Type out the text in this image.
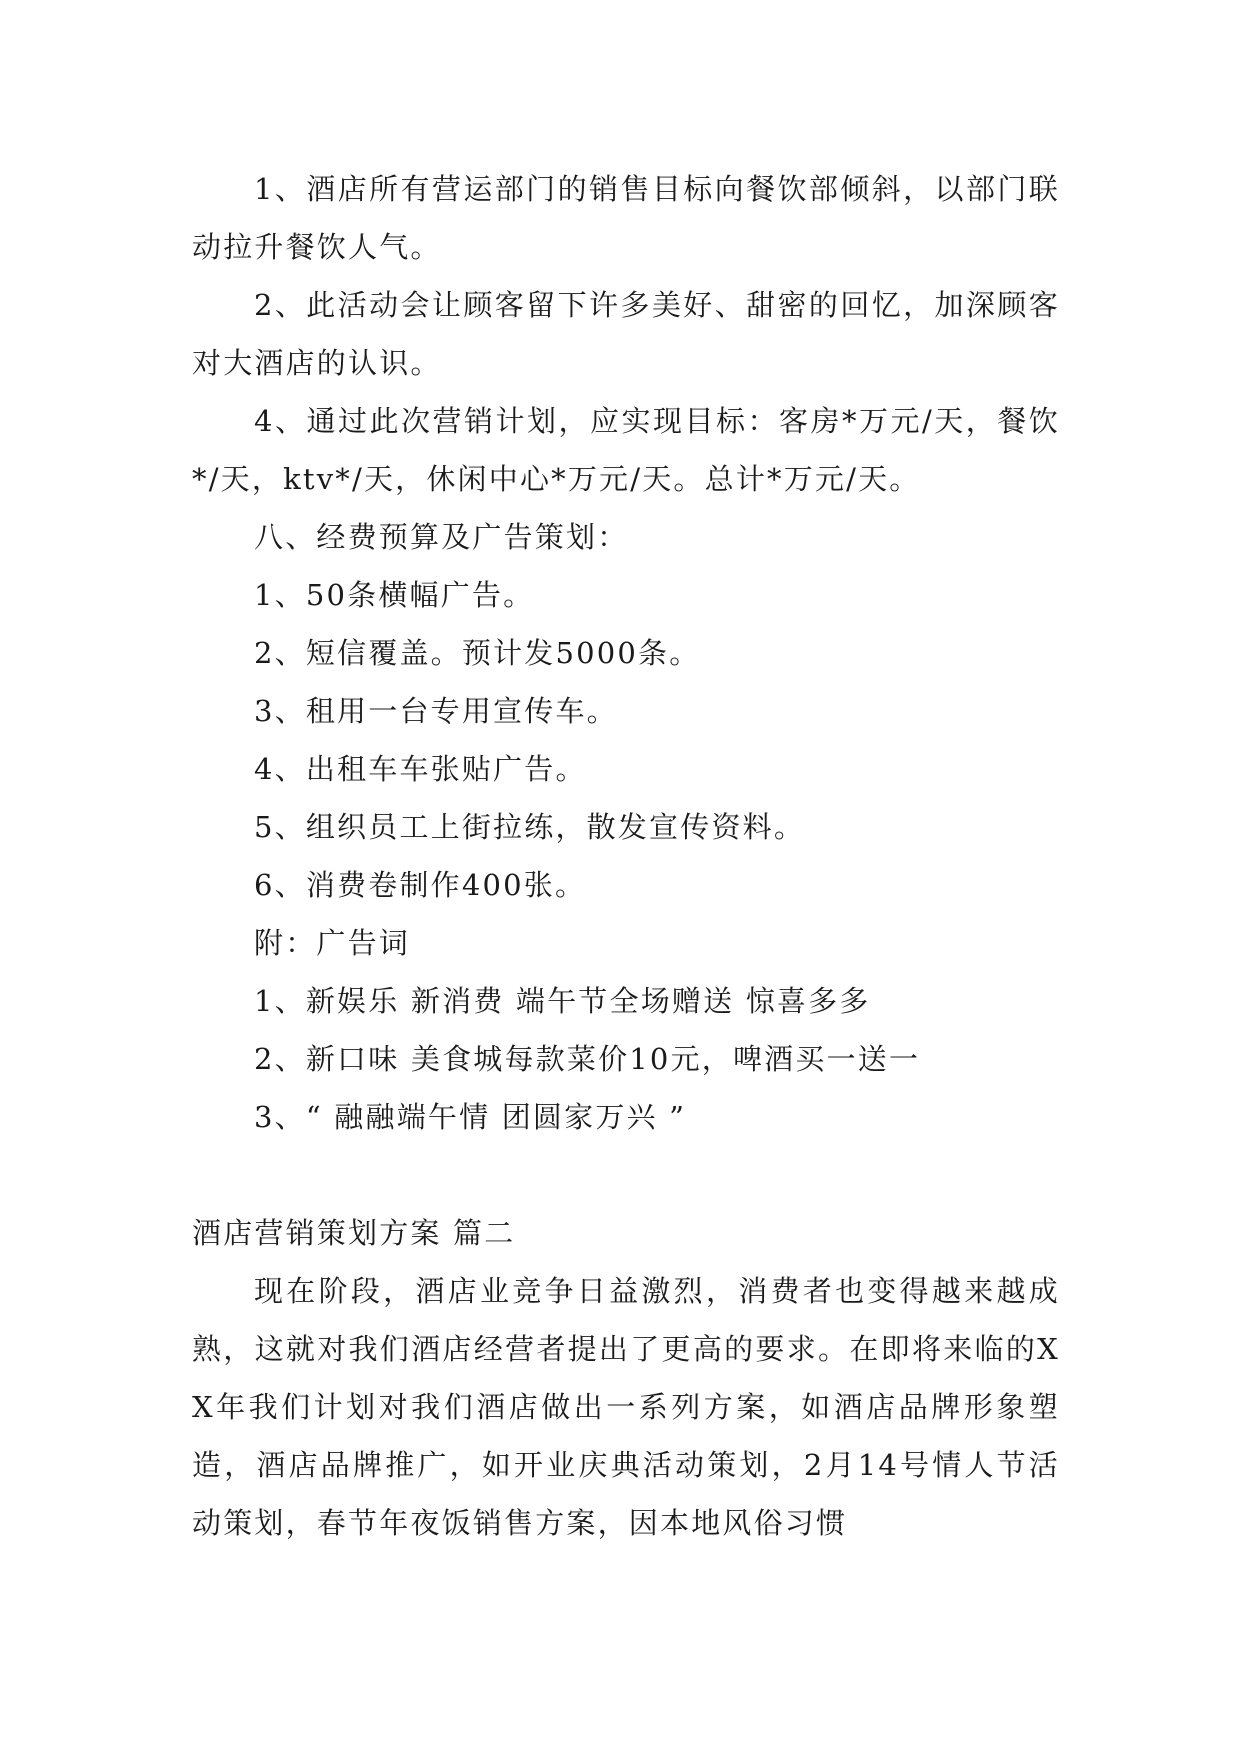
1、酒店所有营运部门的销售目标向餐饮部倾斜，以部门联动拉升餐饮人气。

2、此活动会让顾客留下许多美好、甜密的回忆，加深顾客对大酒店的认识。

4、通过此次营销计划，应实现目标：客房*万元/天，餐饮*/天，ktv*/天，休闲中心*万元/天。总计*万元/天。

八、经费预算及广告策划：

1、50条横幅广告。

2、短信覆盖。预计发5000条。

3、租用一台专用宣传车。

4、出租车车张贴广告。

5、组织员工上街拉练，散发宣传资料。

6、消费卷制作400张。

附：广告词

1、新娱乐 新消费 端午节全场赠送 惊喜多多

2、新口味 美食城每款菜价10元，啤酒买一送一

3、“ 融融端午情 团圆家万兴 ”

酒店营销策划方案 篇二

现在阶段，酒店业竞争日益激烈，消费者也变得越来越成熟，这就对我们酒店经营者提出了更高的要求。在即将来临的XX年我们计划对我们酒店做出一系列方案，如酒店品牌形象塑造，酒店品牌推广，如开业庆典活动策划，2月14号情人节活动策划，春节年夜饭销售方案，因本地风俗习惯
